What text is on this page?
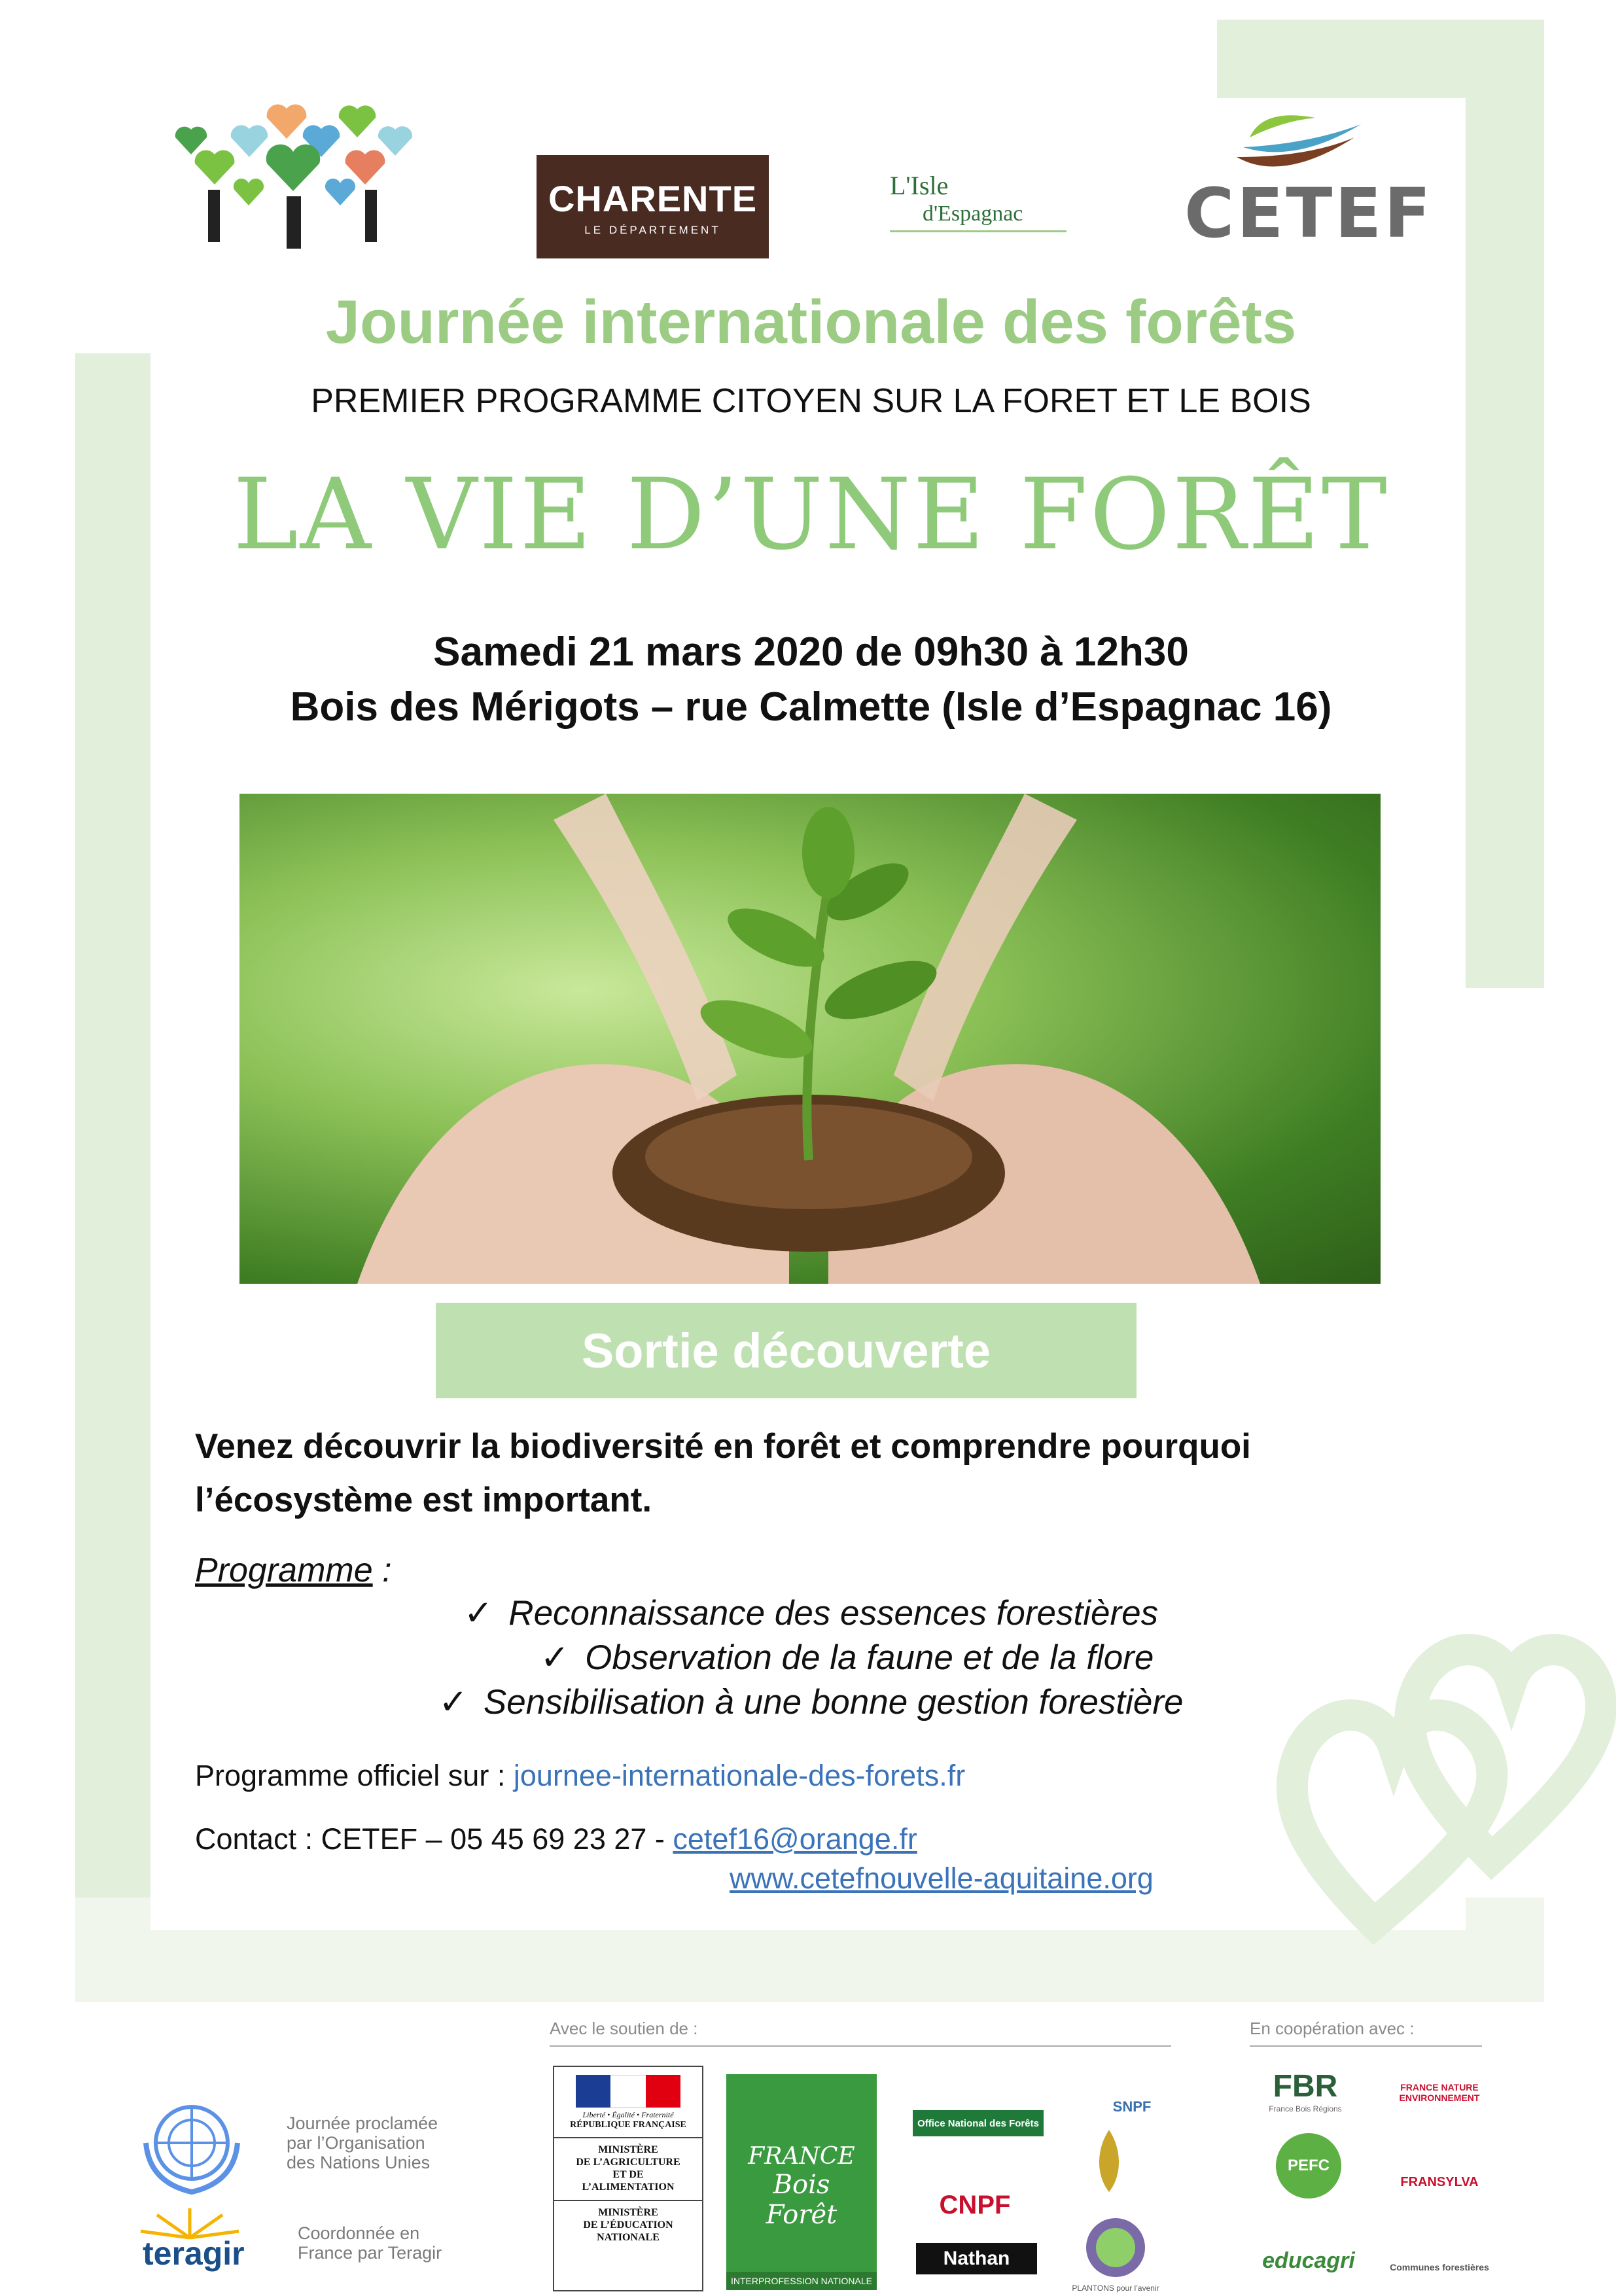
CHARENTE
LE DÉPARTEMENT
L'Isle
d'Espagnac CETEF
Journée internationale des forêts
PREMIER PROGRAMME CITOYEN SUR LA FORET ET LE BOIS
LA VIE D’UNE FORÊT
Samedi 21 mars 2020 de 09h30 à 12h30
Bois des Mérigots – rue Calmette (Isle d’Espagnac 16)
Sortie découverte
Venez découvrir la biodiversité en forêt et comprendre pourquoi
l’écosystème est important.
Programme :
✓ Reconnaissance des essences forestières
✓ Observation de la faune et de la flore
✓ Sensibilisation à une bonne gestion forestière
Programme officiel sur : journee-internationale-des-forets.fr
Contact : CETEF – 05 45 69 23 27 - cetef16@orange.fr
www.cetefnouvelle-aquitaine.org
Journée proclamée
par l’Organisation
des Nations Unies
teragir
Coordonnée en
France par Teragir
Avec le soutien de :	En coopération avec :
Liberté • Égalité • Fraternité
RÉPUBLIQUE FRANÇAISE
MINISTÈRE
DE L’AGRICULTURE
ET DE
L’ALIMENTATION
MINISTÈRE
DE L’ÉDUCATION
NATIONALE
FRANCE
Bois
Forêt
INTERPROFESSION NATIONALE
Office National des Forêts
CNPF
Nathan
SNPF
PLANTONS pour l’avenir
FBR
France Bois Régions
FRANCE NATURE
ENVIRONNEMENT
PEFC
FRANSYLVA
educagri	Communes forestières
